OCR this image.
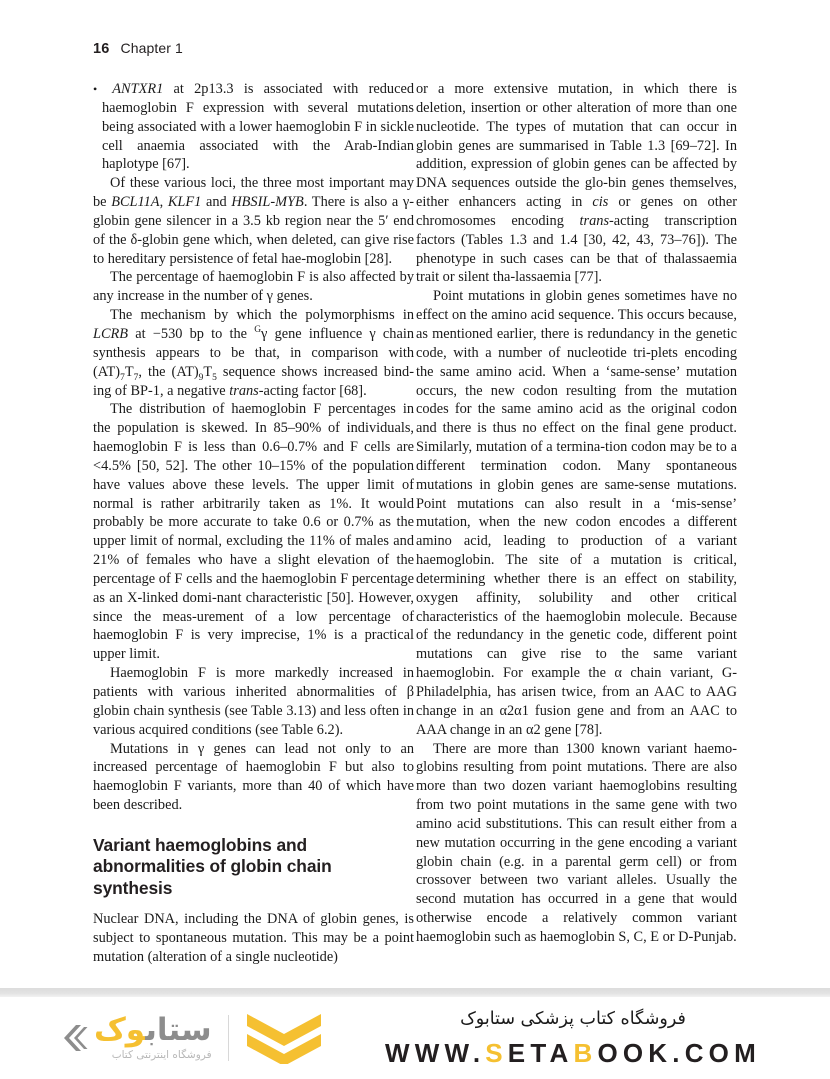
16 Chapter 1

• ANTXR1 at 2p13.3 is associated with reduced haemoglobin F expression with several mutations being associated with a lower haemoglobin F in sickle cell anaemia associated with the Arab-Indian haplotype [67].

Of these various loci, the three most important may be BCL11A, KLF1 and HBSIL-MYB. There is also a γ-globin gene silencer in a 3.5 kb region near the 5′ end of the δ-globin gene which, when deleted, can give rise to hereditary persistence of fetal hae-moglobin [28].

The percentage of haemoglobin F is also affected by any increase in the number of γ genes.

The mechanism by which the polymorphisms in LCRB at −530 bp to the $^G$γ gene influence γ chain synthesis appears to be that, in comparison with $(AT)_7T_7$, the $(AT)_9T_5$ sequence shows increased bind-ing of BP-1, a negative trans-acting factor [68].

The distribution of haemoglobin F percentages in the population is skewed. In 85–90% of individuals, haemoglobin F is less than 0.6–0.7% and F cells are <4.5% [50, 52]. The other 10–15% of the population have values above these levels. The upper limit of normal is rather arbitrarily taken as 1%. It would probably be more accurate to take 0.6 or 0.7% as the upper limit of normal, excluding the 11% of males and 21% of females who have a slight elevation of the percentage of F cells and the haemoglobin F percentage as an X-linked domi-nant characteristic [50]. However, since the meas-urement of a low percentage of haemoglobin F is very imprecise, 1% is a practical upper limit.

Haemoglobin F is more markedly increased in patients with various inherited abnormalities of β globin chain synthesis (see Table 3.13) and less often in various acquired conditions (see Table 6.2).

Mutations in γ genes can lead not only to an increased percentage of haemoglobin F but also to haemoglobin F variants, more than 40 of which have been described.

Variant haemoglobins and abnormalities of globin chain synthesis

Nuclear DNA, including the DNA of globin genes, is subject to spontaneous mutation. This may be a point mutation (alteration of a single nucleotide)

or a more extensive mutation, in which there is deletion, insertion or other alteration of more than one nucleotide. The types of mutation that can occur in globin genes are summarised in Table 1.3 [69–72]. In addition, expression of globin genes can be affected by DNA sequences outside the glo-bin genes themselves, either enhancers acting in cis or genes on other chromosomes encoding trans-acting transcription factors (Tables 1.3 and 1.4 [30, 42, 43, 73–76]). The phenotype in such cases can be that of thalassaemia trait or silent tha-lassaemia [77].

Point mutations in globin genes sometimes have no effect on the amino acid sequence. This occurs because, as mentioned earlier, there is redundancy in the genetic code, with a number of nucleotide tri-plets encoding the same amino acid. When a ‘same-sense’ mutation occurs, the new codon resulting from the mutation codes for the same amino acid as the original codon and there is thus no effect on the final gene product. Similarly, mutation of a termina-tion codon may be to a different termination codon. Many spontaneous mutations in globin genes are same-sense mutations. Point mutations can also result in a ‘mis-sense’ mutation, when the new codon encodes a different amino acid, leading to production of a variant haemoglobin. The site of a mutation is critical, determining whether there is an effect on stability, oxygen affinity, solubility and other critical characteristics of the haemoglobin molecule. Because of the redundancy in the genetic code, different point mutations can give rise to the same variant haemoglobin. For example the α chain variant, G-Philadelphia, has arisen twice, from an AAC to AAG change in an α2α1 fusion gene and from an AAC to AAA change in an α2 gene [78].

There are more than 1300 known variant haemo-globins resulting from point mutations. There are also more than two dozen variant haemoglobins resulting from two point mutations in the same gene with two amino acid substitutions. This can result either from a new mutation occurring in the gene encoding a variant globin chain (e.g. in a parental germ cell) or from crossover between two variant alleles. Usually the second mutation has occurred in a gene that would otherwise encode a relatively common variant haemoglobin such as haemoglobin S, C, E or D-Punjab.

ستابوک
فروشگاه اینترنتی کتاب
فروشگاه کتاب پزشکی ستابوک
WWW.SETABOOK.COM
